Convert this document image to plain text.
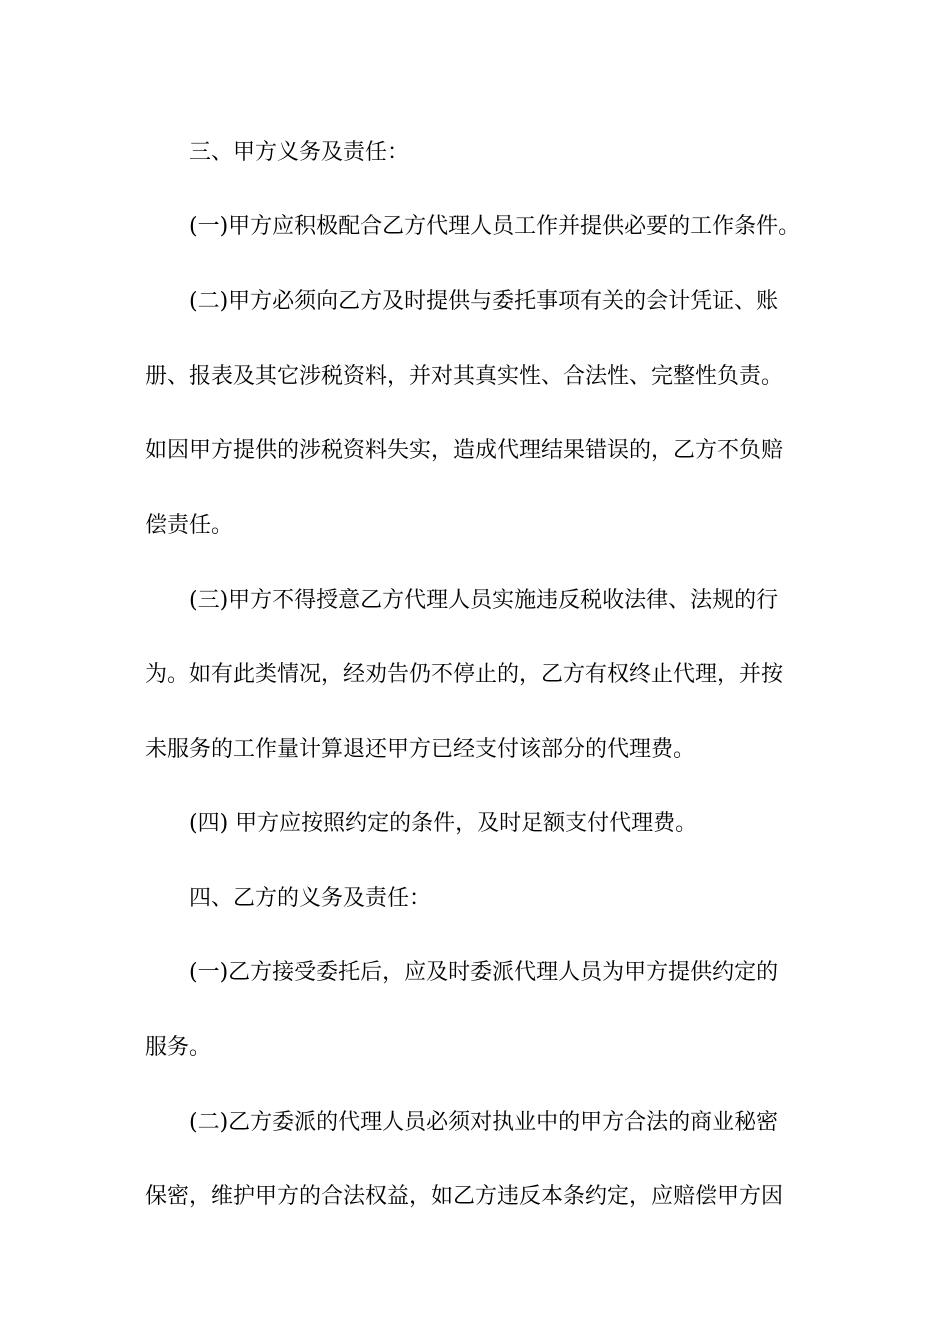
三、甲方义务及责任：
(一)甲方应积极配合乙方代理人员工作并提供必要的工作条件。
(二)甲方必须向乙方及时提供与委托事项有关的会计凭证、账
册、报表及其它涉税资料，并对其真实性、合法性、完整性负责。
如因甲方提供的涉税资料失实，造成代理结果错误的，乙方不负赔
偿责任。
(三)甲方不得授意乙方代理人员实施违反税收法律、法规的行
为。如有此类情况，经劝告仍不停止的，乙方有权终止代理，并按
未服务的工作量计算退还甲方已经支付该部分的代理费。
(四) 甲方应按照约定的条件，及时足额支付代理费。
四、乙方的义务及责任：
(一)乙方接受委托后，应及时委派代理人员为甲方提供约定的
服务。
(二)乙方委派的代理人员必须对执业中的甲方合法的商业秘密
保密，维护甲方的合法权益，如乙方违反本条约定，应赔偿甲方因
